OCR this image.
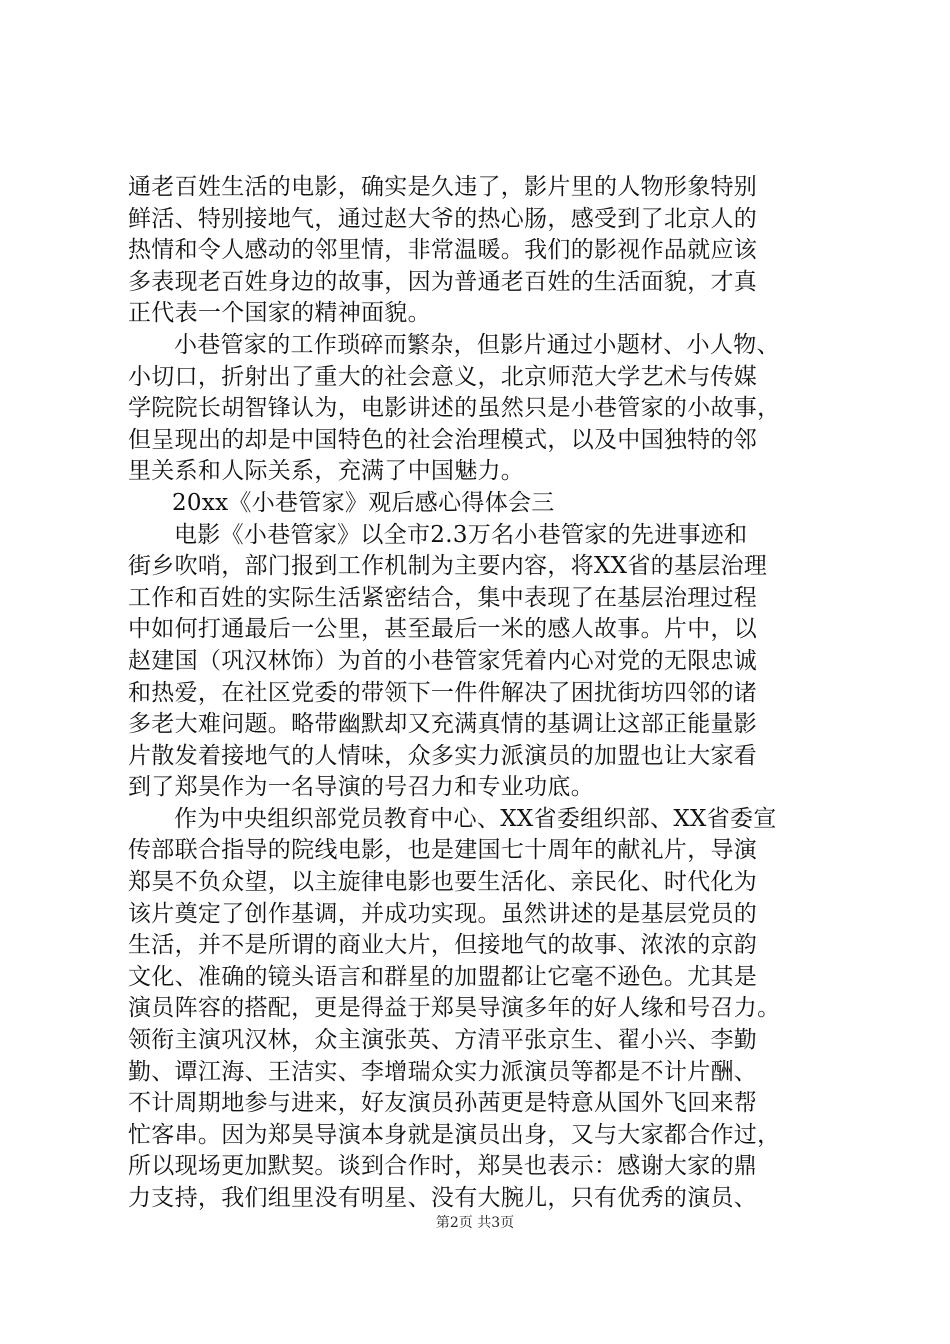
通老百姓生活的电影，确实是久违了，影片里的人物形象特别
鲜活、特别接地气，通过赵大爷的热心肠，感受到了北京人的
热情和令人感动的邻里情，非常温暖。我们的影视作品就应该
多表现老百姓身边的故事，因为普通老百姓的生活面貌，才真
正代表一个国家的精神面貌。
小巷管家的工作琐碎而繁杂，但影片通过小题材、小人物、
小切口，折射出了重大的社会意义，北京师范大学艺术与传媒
学院院长胡智锋认为，电影讲述的虽然只是小巷管家的小故事，
但呈现出的却是中国特色的社会治理模式，以及中国独特的邻
里关系和人际关系，充满了中国魅力。
20xx《小巷管家》观后感心得体会三
电影《小巷管家》以全市2.3万名小巷管家的先进事迹和
街乡吹哨，部门报到工作机制为主要内容，将XX省的基层治理
工作和百姓的实际生活紧密结合，集中表现了在基层治理过程
中如何打通最后一公里，甚至最后一米的感人故事。片中，以
赵建国（巩汉林饰）为首的小巷管家凭着内心对党的无限忠诚
和热爱，在社区党委的带领下一件件解决了困扰街坊四邻的诸
多老大难问题。略带幽默却又充满真情的基调让这部正能量影
片散发着接地气的人情味，众多实力派演员的加盟也让大家看
到了郑昊作为一名导演的号召力和专业功底。
作为中央组织部党员教育中心、XX省委组织部、XX省委宣
传部联合指导的院线电影，也是建国七十周年的献礼片，导演
郑昊不负众望，以主旋律电影也要生活化、亲民化、时代化为
该片奠定了创作基调，并成功实现。虽然讲述的是基层党员的
生活，并不是所谓的商业大片，但接地气的故事、浓浓的京韵
文化、准确的镜头语言和群星的加盟都让它毫不逊色。尤其是
演员阵容的搭配，更是得益于郑昊导演多年的好人缘和号召力。
领衔主演巩汉林，众主演张英、方清平张京生、翟小兴、李勤
勤、谭江海、王洁实、李增瑞众实力派演员等都是不计片酬、
不计周期地参与进来，好友演员孙茜更是特意从国外飞回来帮
忙客串。因为郑昊导演本身就是演员出身，又与大家都合作过，
所以现场更加默契。谈到合作时，郑昊也表示：感谢大家的鼎
力支持，我们组里没有明星、没有大腕儿，只有优秀的演员、
第2页 共3页
